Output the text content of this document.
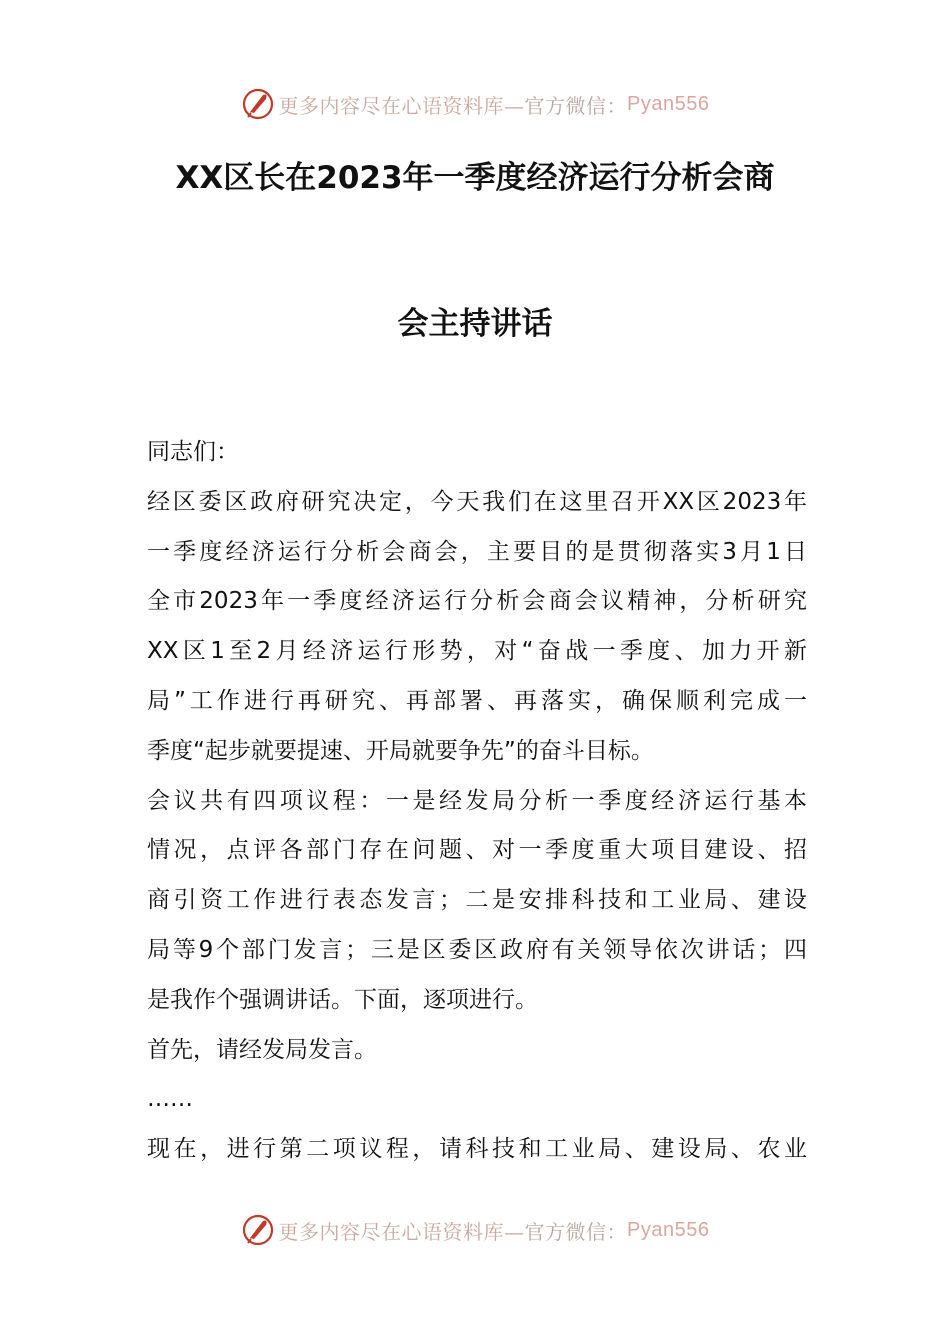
更多内容尽在心语资料库— 官方微信： Pyan556
XX区长在2023年一季度经济运行分析会商
会主持讲话
同志们：
经区委区政府研究决定，今天我们在这里召开XX区2023年
一季度经济运行分析会商会，主要目的是贯彻落实3月1日
全市2023年一季度经济运行分析会商会议精神，分析研究
XX区1至2月经济运行形势，对“奋战一季度、加力开新
局”工作进行再研究、再部署、再落实，确保顺利完成一
季度“起步就要提速、开局就要争先”的奋斗目标。
会议共有四项议程：一是经发局分析一季度经济运行基本
情况，点评各部门存在问题、对一季度重大项目建设、招
商引资工作进行表态发言；二是安排科技和工业局、建设
局等9个部门发言；三是区委区政府有关领导依次讲话；四
是我作个强调讲话。下面，逐项进行。
首先，请经发局发言。
……
现在，进行第二项议程，请科技和工业局、建设局、农业
更多内容尽在心语资料库— 官方微信： Pyan556
